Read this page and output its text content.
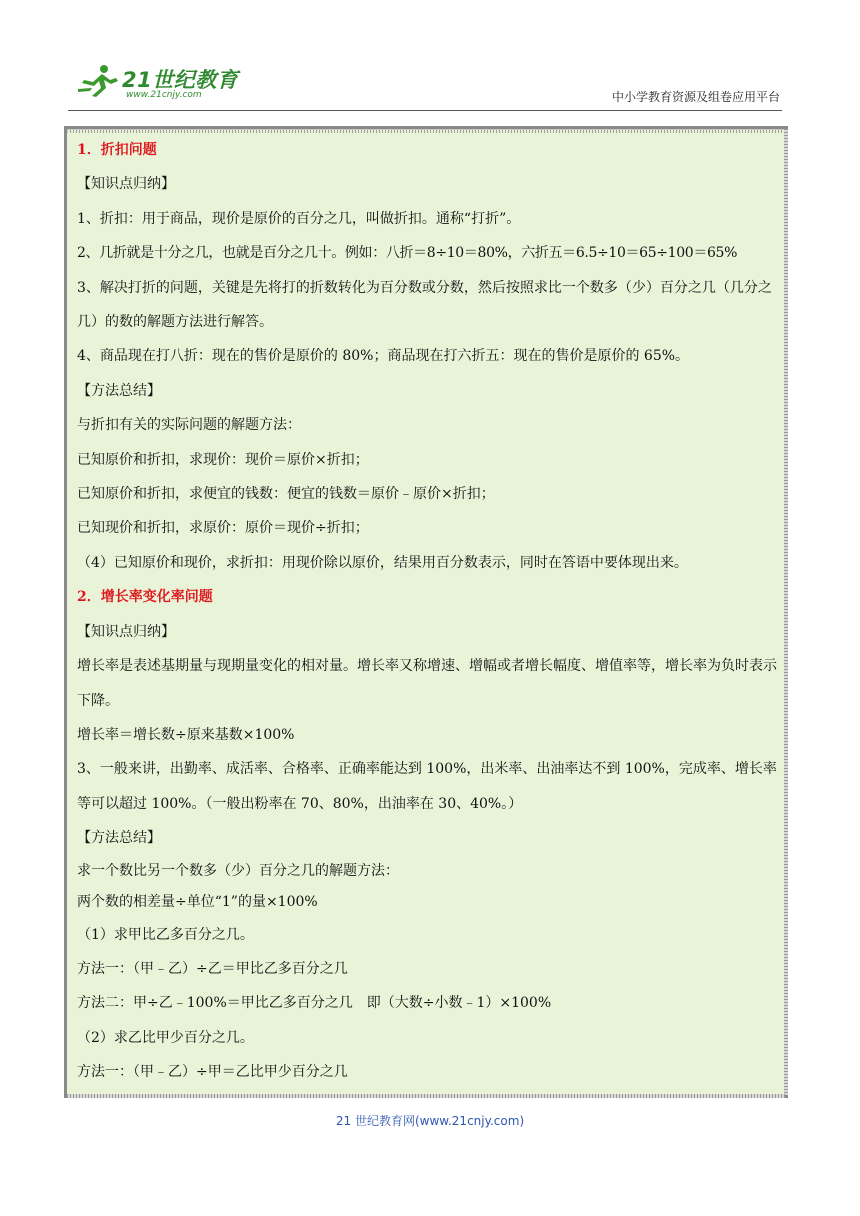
21世纪教育
www.21cnjy.com	中小学教育资源及组卷应用平台

1．折扣问题

【知识点归纳】

1、折扣：用于商品，现价是原价的百分之几，叫做折扣。通称“打折”。

2、几折就是十分之几，也就是百分之几十。例如：八折＝8÷10＝80%，六折五＝6.5÷10＝65÷100＝65%

3、解决打折的问题，关键是先将打的折数转化为百分数或分数，然后按照求比一个数多（少）百分之几（几分之几）的数的解题方法进行解答。

4、商品现在打八折：现在的售价是原价的 80%；商品现在打六折五：现在的售价是原价的 65%。

【方法总结】

与折扣有关的实际问题的解题方法：

已知原价和折扣，求现价：现价＝原价×折扣；

已知原价和折扣，求便宜的钱数：便宜的钱数＝原价﹣原价×折扣；

已知现价和折扣，求原价：原价＝现价÷折扣；

（4）已知原价和现价，求折扣：用现价除以原价，结果用百分数表示，同时在答语中要体现出来。

2．增长率变化率问题

【知识点归纳】

增长率是表述基期量与现期量变化的相对量。增长率又称增速、增幅或者增长幅度、增值率等，增长率为负时表示下降。

增长率＝增长数÷原来基数×100%

3、一般来讲，出勤率、成活率、合格率、正确率能达到 100%，出米率、出油率达不到 100%，完成率、增长率等可以超过 100%。（一般出粉率在 70、80%，出油率在 30、40%。）

【方法总结】

求一个数比另一个数多（少）百分之几的解题方法：

两个数的相差量÷单位“1”的量×100%

（1）求甲比乙多百分之几。

方法一：（甲﹣乙）÷乙＝甲比乙多百分之几

方法二：甲÷乙﹣100%＝甲比乙多百分之几　即（大数÷小数﹣1）×100%

（2）求乙比甲少百分之几。

方法一：（甲﹣乙）÷甲＝乙比甲少百分之几

21 世纪教育网(www.21cnjy.com)
